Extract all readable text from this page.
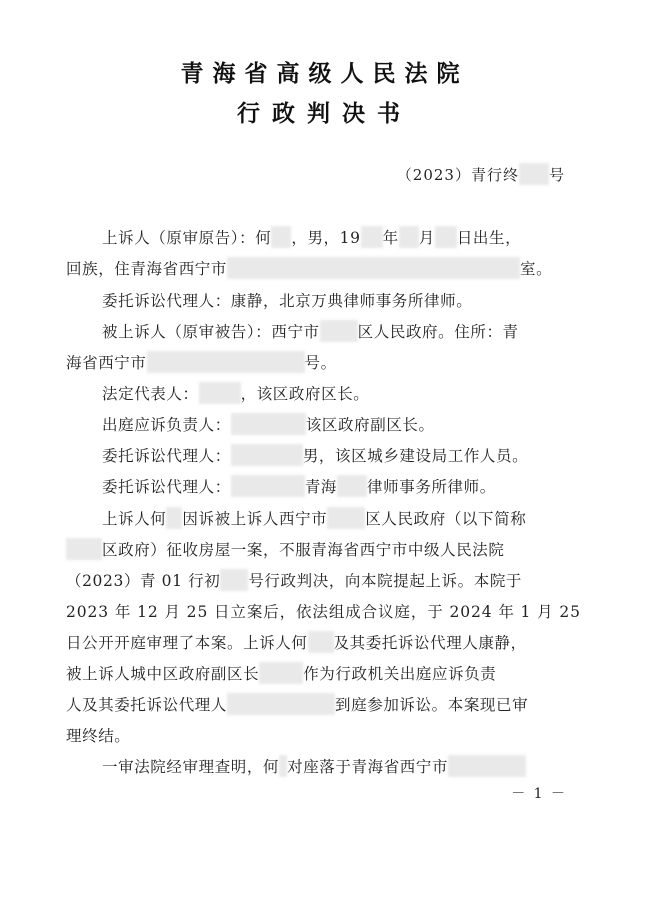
青海省高级人民法院
行政判决书
（2023）青行终 号
上诉人（原审原告）：何 ，男，19 年 月 日出生，
回族，住青海省西宁市	室。
委托诉讼代理人：康静，北京万典律师事务所律师。
被上诉人（原审被告）：西宁市 区人民政府。住所：青
海省西宁市	号。
法定代表人：	，该区政府区长。
出庭应诉负责人：	该区政府副区长。
委托诉讼代理人：	男，该区城乡建设局工作人员。
委托诉讼代理人：	青海 律师事务所律师。
上诉人何 因诉被上诉人西宁市 区人民政府（以下简称
区政府）征收房屋一案，不服青海省西宁市中级人民法院
（2023）青 01 行初 号行政判决，向本院提起上诉。本院于
2023 年 12 月 25 日立案后，依法组成合议庭，于 2024 年 1 月 25
日公开开庭审理了本案。上诉人何 及其委托诉讼代理人康静，
被上诉人城中区政府副区长	作为行政机关出庭应诉负责
人及其委托诉讼代理人	到庭参加诉讼。本案现已审
理终结。
一审法院经审理查明，何 对座落于青海省西宁市
－ 1 －
